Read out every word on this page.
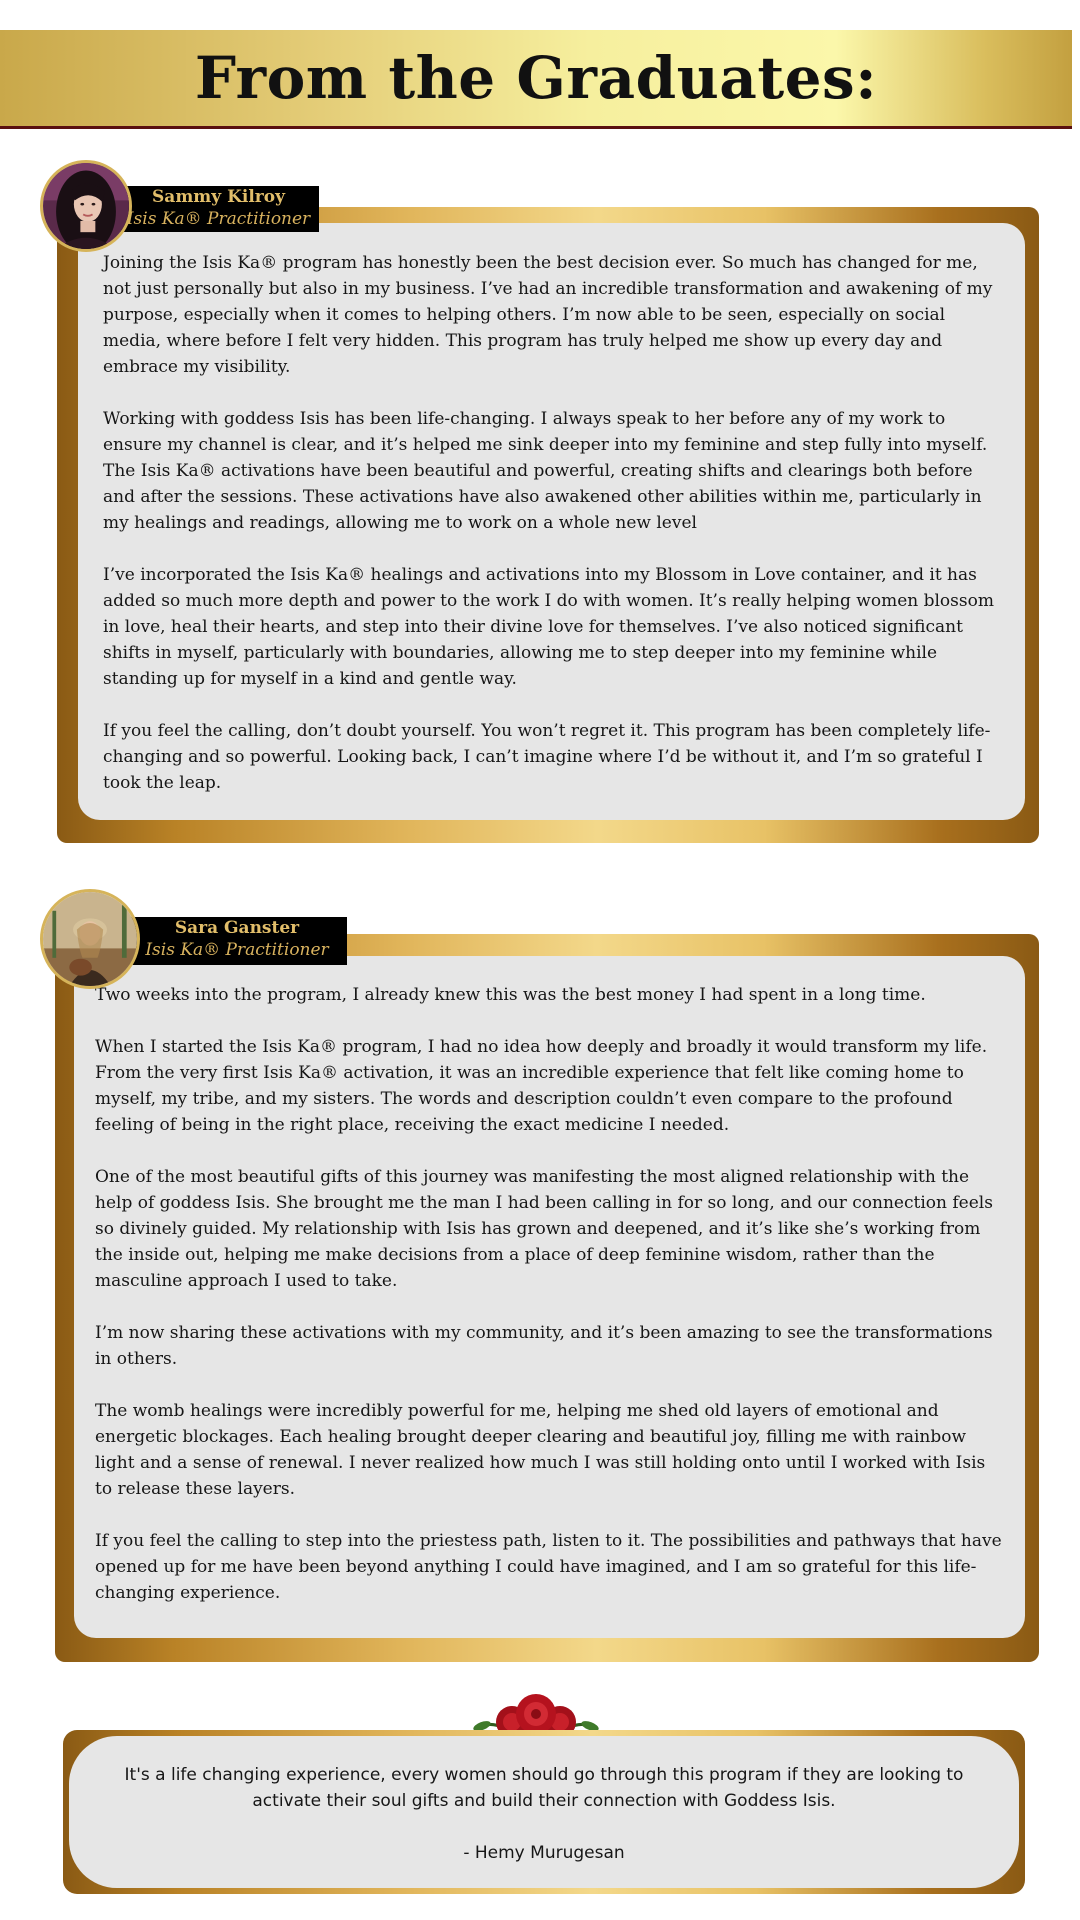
From the Graduates:

Joining the Isis Ka® program has honestly been the best decision ever. So much has changed for me, not just personally but also in my business. I’ve had an incredible transformation and awakening of my purpose, especially when it comes to helping others. I’m now able to be seen, especially on social media, where before I felt very hidden. This program has truly helped me show up every day and embrace my visibility.

Working with goddess Isis has been life-changing. I always speak to her before any of my work to ensure my channel is clear, and it’s helped me sink deeper into my feminine and step fully into myself. The Isis Ka® activations have been beautiful and powerful, creating shifts and clearings both before and after the sessions. These activations have also awakened other abilities within me, particularly in my healings and readings, allowing me to work on a whole new level

I’ve incorporated the Isis Ka® healings and activations into my Blossom in Love container, and it has added so much more depth and power to the work I do with women. It’s really helping women blossom in love, heal their hearts, and step into their divine love for themselves. I’ve also noticed significant shifts in myself, particularly with boundaries, allowing me to step deeper into my feminine while standing up for myself in a kind and gentle way.

If you feel the calling, don’t doubt yourself. You won’t regret it. This program has been completely life-changing and so powerful. Looking back, I can’t imagine where I’d be without it, and I’m so grateful I took the leap.

Sammy Kilroy
Isis Ka® Practitioner

Two weeks into the program, I already knew this was the best money I had spent in a long time.

When I started the Isis Ka® program, I had no idea how deeply and broadly it would transform my life. From the very first Isis Ka® activation, it was an incredible experience that felt like coming home to myself, my tribe, and my sisters. The words and description couldn’t even compare to the profound feeling of being in the right place, receiving the exact medicine I needed.

One of the most beautiful gifts of this journey was manifesting the most aligned relationship with the help of goddess Isis. She brought me the man I had been calling in for so long, and our connection feels so divinely guided. My relationship with Isis has grown and deepened, and it’s like she’s working from the inside out, helping me make decisions from a place of deep feminine wisdom, rather than the masculine approach I used to take.

I’m now sharing these activations with my community, and it’s been amazing to see the transformations in others.

The womb healings were incredibly powerful for me, helping me shed old layers of emotional and energetic blockages. Each healing brought deeper clearing and beautiful joy, filling me with rainbow light and a sense of renewal. I never realized how much I was still holding onto until I worked with Isis to release these layers.

If you feel the calling to step into the priestess path, listen to it. The possibilities and pathways that have opened up for me have been beyond anything I could have imagined, and I am so grateful for this life-changing experience.

Sara Ganster
Isis Ka® Practitioner
It's a life changing experience, every women should go through this program if they are looking to activate their soul gifts and build their connection with Goddess Isis.
- Hemy Murugesan
